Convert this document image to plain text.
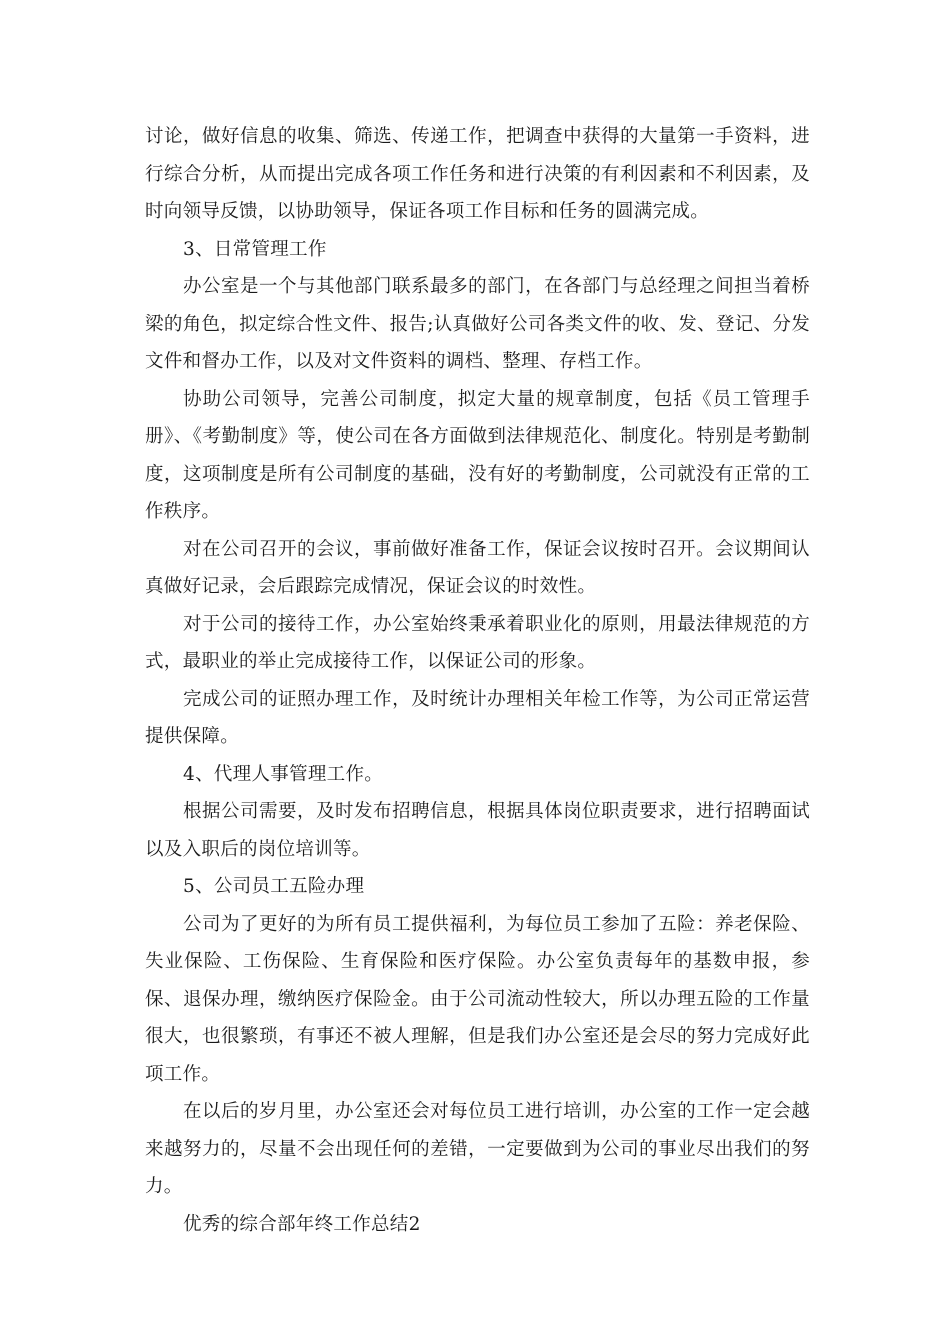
讨论，做好信息的收集、筛选、传递工作，把调查中获得的大量第一手资料，进行综合分析，从而提出完成各项工作任务和进行决策的有利因素和不利因素，及时向领导反馈，以协助领导，保证各项工作目标和任务的圆满完成。

3、日常管理工作

办公室是一个与其他部门联系最多的部门，在各部门与总经理之间担当着桥梁的角色，拟定综合性文件、报告;认真做好公司各类文件的收、发、登记、分发文件和督办工作，以及对文件资料的调档、整理、存档工作。

协助公司领导，完善公司制度，拟定大量的规章制度，包括《员工管理手册》、《考勤制度》等，使公司在各方面做到法律规范化、制度化。特别是考勤制度，这项制度是所有公司制度的基础，没有好的考勤制度，公司就没有正常的工作秩序。

对在公司召开的会议，事前做好准备工作，保证会议按时召开。会议期间认真做好记录，会后跟踪完成情况，保证会议的时效性。

对于公司的接待工作，办公室始终秉承着职业化的原则，用最法律规范的方式，最职业的举止完成接待工作，以保证公司的形象。

完成公司的证照办理工作，及时统计办理相关年检工作等，为公司正常运营提供保障。

4、代理人事管理工作。

根据公司需要，及时发布招聘信息，根据具体岗位职责要求，进行招聘面试以及入职后的岗位培训等。

5、公司员工五险办理

公司为了更好的为所有员工提供福利，为每位员工参加了五险：养老保险、失业保险、工伤保险、生育保险和医疗保险。办公室负责每年的基数申报，参保、退保办理，缴纳医疗保险金。由于公司流动性较大，所以办理五险的工作量很大，也很繁琐，有事还不被人理解，但是我们办公室还是会尽的努力完成好此项工作。

在以后的岁月里，办公室还会对每位员工进行培训，办公室的工作一定会越来越努力的，尽量不会出现任何的差错，一定要做到为公司的事业尽出我们的努力。

优秀的综合部年终工作总结2
